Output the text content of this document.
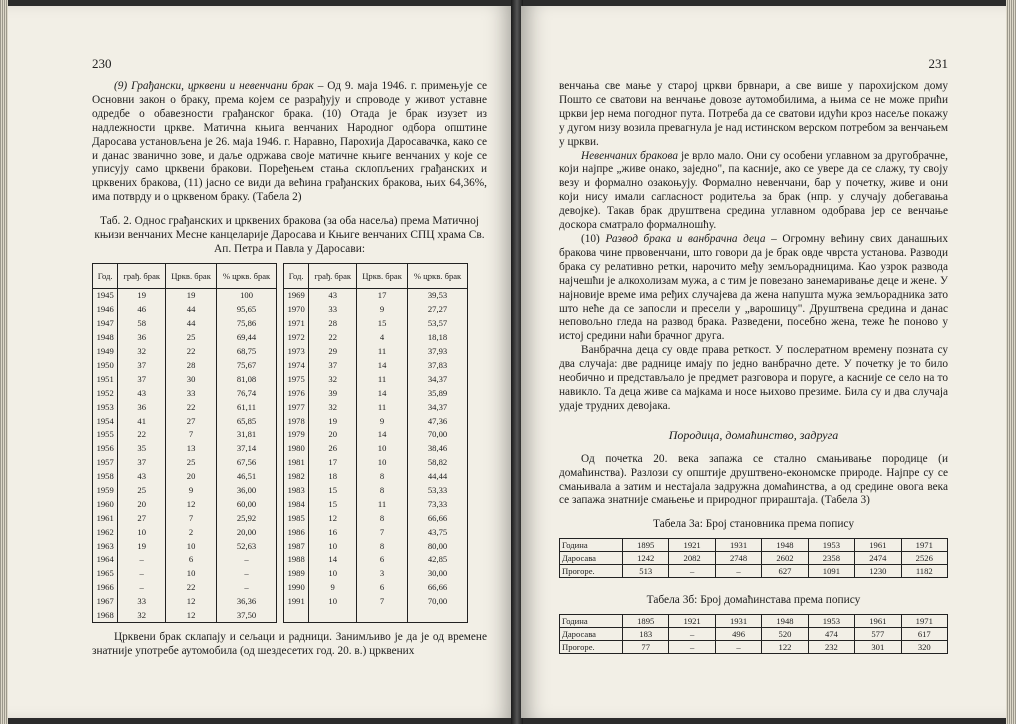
230

(9) Грађански, црквени и невенчани брак – Од 9. маја 1946. г. примењује се Основни закон о браку, према којем се разрађују и спроводе у живот уставне одредбе о обавезности грађанског брака. (10) Отада је брак изузет из надлежности цркве. Матична књига венчаних Народног одбора општине Даросава установљена је 26. маја 1946. г. Наравно, Парохија Даросавачка, како се и данас званично зове, и даље одржава своје матичне књиге венчаних у које се уписују само црквени бракови. Поређењем стања склопљених грађанских и црквених бракова, (11) јасно се види да већина грађанских бракова, њих 64,36%, има потврду и о црквеном браку. (Табела 2)

Таб. 2. Однос грађанских и црквених бракова (за оба насеља) према Матичној књизи венчаних Месне канцеларије Даросава и Књиге венчаних СПЦ храма Св. Ап. Петра и Павла у Даросави:
Год.	грађ. брак	Цркв. брак	% цркв. брак
1945	19	19	100
1946	46	44	95,65
1947	58	44	75,86
1948	36	25	69,44
1949	32	22	68,75
1950	37	28	75,67
1951	37	30	81,08
1952	43	33	76,74
1953	36	22	61,11
1954	41	27	65,85
1955	22	7	31,81
1956	35	13	37,14
1957	37	25	67,56
1958	43	20	46,51
1959	25	9	36,00
1960	20	12	60,00
1961	27	7	25,92
1962	10	2	20,00
1963	19	10	52,63
1964	–	6	–
1965	–	10	–
1966	–	22	–
1967	33	12	36,36
1968	32	12	37,50
Год.	грађ. брак	Цркв. брак	% цркв. брак
1969	43	17	39,53
1970	33	9	27,27
1971	28	15	53,57
1972	22	4	18,18
1973	29	11	37,93
1974	37	14	37,83
1975	32	11	34,37
1976	39	14	35,89
1977	32	11	34,37
1978	19	9	47,36
1979	20	14	70,00
1980	26	10	38,46
1981	17	10	58,82
1982	18	8	44,44
1983	15	8	53,33
1984	15	11	73,33
1985	12	8	66,66
1986	16	7	43,75
1987	10	8	80,00
1988	14	6	42,85
1989	10	3	30,00
1990	9	6	66,66
1991	10	7	70,00

Црквени брак склапају и сељаци и радници. Занимљиво је да је од времене знатније употребе аутомобила (од шездесетих год. 20. в.) црквених

231

венчања све мање у старој цркви брвнари, а све више у парохијском дому Пошто се сватови на венчање довозе аутомобилима, а њима се не може прићи цркви јер нема погодног пута. Потреба да се сватови идући кроз насеље покажу у дугом низу возила превагнула је над истинском верском потребом за венчањем у цркви.

Невенчаних бракова је врло мало. Они су особени углавном за другобрачне, који најпре „живе онако, заједно", па касније, ако се увере да се слажу, ту своју везу и формално озакоњују. Формално невенчани, бар у почетку, живе и они који нису имали сагласност родитеља за брак (нпр. у случају добегавања девојке). Такав брак друштвена средина углавном одобрава јер се венчање доскора сматрало формалношћу.

(10) Развод брака и ванбрачна деца – Огромну већину свих данашњих бракова чине првовенчани, што говори да је брак овде чврста установа. Разводи брака су релативно ретки, нарочито међу земљорадницима. Као узрок развода најчешћи је алкохолизам мужа, а с тим је повезано занемаривање деце и жене. У најновије време има ређих случајева да жена напушта мужа земљорадника зато што неће да се запосли и пресели у „варошицу". Друштвена средина и данас неповољно гледа на развод брака. Разведени, посебно жена, теже ће поново у истој средини наћи брачног друга.

Ванбрачна деца су овде права реткост. У послератном времену позната су два случаја: две раднице имају по једно ванбрачно дете. У почетку је то било необично и представљало је предмет разговора и поруге, а касније се село на то навикло. Та деца живе са мајкама и носе њихово презиме. Била су и два случаја удаје трудних девојака.

Породица, домаћинство, задруга

Од почетка 20. века запажа се стално смањивање породице (и домаћинства). Разлози су општије друштвено-економске природе. Најпре су се смањивала а затим и нестајала задружна домаћинства, а од средине овога века се запажа знатније смањење и природног прираштаја. (Табела 3)

Табела 3а: Број становника према попису
Година	1895	1921	1931	1948	1953	1961	1971
Даросава	1242	2082	2748	2602	2358	2474	2526
Прогоре.	513	–	–	627	1091	1230	1182
Табела 3б: Број домаћинстава према попису
Година	1895	1921	1931	1948	1953	1961	1971
Даросава	183	–	496	520	474	577	617
Прогоре.	77	–	–	122	232	301	320
